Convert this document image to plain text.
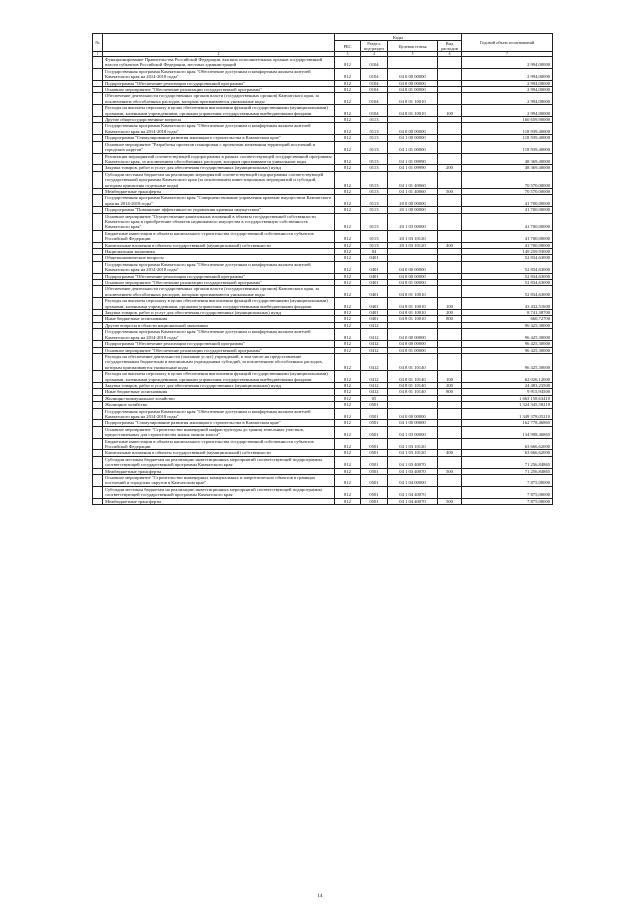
№		Коды				Годовой объем ассигнований
		РБС	Раздел, под-раздел	Целевая статья	Вид расходов	
1	2	3	4	5	6	7
	Функционирование Правительства Российской Федерации, высших исполнительных органов государственной власти субъектов Российской Федерации, местных администраций	812	0104			2 994,00000
	Государственная программа Камчатского края "Обеспечение доступным и комфортным жильем жителей Камчатского края на 2014-2018 годы"	812	0104	04 0 00 00000		2 994,00000
	Подпрограмма "Обеспечение реализации государственной программы"	812	0104	04 8 00 00000		2 994,00000
	Основное мероприятие "Обеспечение реализации государственной программы"	812	0104	04 8 01 00000		2 994,00000
	Обеспечение деятельности государственных органов власти (государственных органов) Камчатского края, за исключением обособленных расходов, которым присваиваются уникальные коды	812	0104	04 8 01 10010		2 994,00000
	Расходы на выплаты персоналу в целях обеспечения выполнения функций государственными (муниципальными) органами, казенными учреждениями, органами управления государственными внебюджетными фондами	812	0104	04 8 01 10010	100	2 994,00000
	Другие общегосударственные вопросы	812	0113			160 659,90000
	Государственная программа Камчатского края "Обеспечение доступным и комфортным жильем жителей Камчатского края на 2014-2018 годы"	812	0113	04 0 00 00000		118 939,40000
	Подпрограмма "Стимулирование развития жилищного строительства в Камчатском крае"	812	0113	04 1 00 00000		118 939,40000
	Основное мероприятие "Разработка проектов планировки с проектами межевания территорий поселений и городских округов"	812	0113	04 1 01 00000		118 939,40000
	Реализация мероприятий соответствующей подпрограммы в рамках соответствующей государственной программы Камчатского края, за исключением обособленных расходов, которым присваиваются уникальные коды	812	0113	04 1 01 09990		48 369,40000
	Закупка товаров, работ и услуг для обеспечения государственных (муниципальных) нужд	812	0113	04 1 01 09990	200	48 369,40000
	Субсидии местным бюджетам на реализацию мероприятий соответствующей подпрограммы соответствующей государственной программы Камчатского края (за исключением инвестиционных мероприятий и субсидий, которым присвоены отдельные коды)	812	0113	04 1 01 40060		70 570,00000
	Межбюджетные трансферты	812	0113	04 1 01 40060	500	70 570,00000
	Государственная программа Камчатского края "Совершенствование управления краевым имуществом Камчатского края на 2014-2018 годы"	812	0113	20 0 00 00000		41 700,00000
	Подпрограмма "Повышение эффективности управления краевым имуществом"	812	0113	20 1 00 00000		41 700,00000
	Основное мероприятие "Осуществление капитальных вложений в объекты государственной собственности Камчатского края и приобретение объектов недвижимого имущества в государственную собственность Камчатского края"	812	0113	20 1 03 00000		41 700,00000
	Бюджетные инвестиции в объекты капитального строительства государственной собственности субъектов Российской Федерации	812	0113	20 1 03 10120		41 700,00000
	Капитальные вложения в объекты государственной (муниципальной) собственности	812	0113	20 1 03 10120	400	41 700,00000
	Национальная экономика	812	04			149 259,93000
	Общеэкономические вопросы	812	0401			52 834,63000
	Государственная программа Камчатского края "Обеспечение доступным и комфортным жильем жителей Камчатского края на 2014-2018 годы"	812	0401	04 0 00 00000		52 834,63000
	Подпрограмма "Обеспечение реализации государственной программы"	812	0401	04 8 00 00000		52 834,63000
	Основное мероприятие "Обеспечение реализации государственной программы"	812	0401	04 8 01 00000		52 834,63000
	Обеспечение деятельности государственных органов власти (государственных органов) Камчатского края, за исключением обособленных расходов, которым присваиваются уникальные коды	812	0401	04 8 01 10010		52 834,63000
	Расходы на выплаты персоналу в целях обеспечения выполнения функций государственными (муниципальными) органами, казенными учреждениями, органами управления государственными внебюджетными фондами	812	0401	04 8 01 10010	100	43 432,51600
	Закупка товаров, работ и услуг для обеспечения государственных (муниципальных) нужд	812	0401	04 8 01 10010	200	8 741,38700
	Иные бюджетные ассигнования	812	0401	04 8 01 10010	800	660,72700
	Другие вопросы в области национальной экономики	812	0412			96 425,30000
	Государственная программа Камчатского края "Обеспечение доступным и комфортным жильем жителей Камчатского края на 2014-2018 годы"	812	0412	04 0 00 00000		96 425,30000
	Подпрограмма "Обеспечение реализации государственной программы"	812	0412	04 8 00 00000		96 425,30000
	Основное мероприятие "Обеспечение реализации государственной программы"	812	0412	04 8 01 00000		96 425,30000
	Расходы на обеспечение деятельности (оказание услуг) учреждений, в том числе на предоставление государственным бюджетным и автономным учреждениям субсидий, за исключением обособленных расходов, которым присваиваются уникальные коды	812	0412	04 8 01 10140		96 425,30000
	Расходы на выплаты персоналу в целях обеспечения выполнения функций государственными (муниципальными) органами, казенными учреждениями, органами управления государственными внебюджетными фондами	812	0412	04 8 01 10140	100	62 026,12000
	Закупка товаров, работ и услуг для обеспечения государственных (муниципальных) нужд	812	0412	04 8 01 10140	200	24 483,23500
	Иные бюджетные ассигнования	812	0412	04 8 01 10140	800	9 915,94500
	Жилищно-коммунальное хозяйство	812	05			1 663 158,63410
	Жилищное хозяйство	812	0501			1 324 345,58210
	Государственная программа Камчатского края "Обеспечение доступным и комфортным жильем жителей Камчатского края на 2014-2018 годы"	812	0501	04 0 00 00000		1 349 378,05210
	Подпрограмма "Стимулирование развития жилищного строительства в Камчатском крае"	812	0501	04 1 00 00000		162 778,46865
	Основное мероприятие "Строительство инженерной инфраструктуры до границ земельных участков, предоставленных для строительства жилья эконом класса"	812	0501	04 1 03 00000		134 998,46865
	Бюджетные инвестиции в объекты капитального строительства государственной собственности субъектов Российской Федерации	812	0501	04 1 03 10120		63 666,62000
	Капитальные вложения в объекты государственной (муниципальной) собственности	812	0501	04 1 03 10120	400	63 666,62000
	Субсидии местным бюджетам на реализацию инвестиционных мероприятий соответствующей подпрограммы соответствующей государственной программы Камчатского края	812	0501	04 1 03 40070		71 256,84865
	Межбюджетные трансферты	812	0501	04 1 03 40070	500	71 256,84865
	Основное мероприятие "Строительство инженерных коммунальных и энергетических объектов в границах поселений и городских округов в Камчатском крае"	812	0501	04 1 04 00000		7 875,00000
	Субсидии местным бюджетам на реализацию инвестиционных мероприятий соответствующей подпрограммы соответствующей государственной программы Камчатского края	812	0501	04 1 04 40070		7 875,00000
	Межбюджетные трансферты	812	0501	04 1 04 40070	500	7 875,00000
14
